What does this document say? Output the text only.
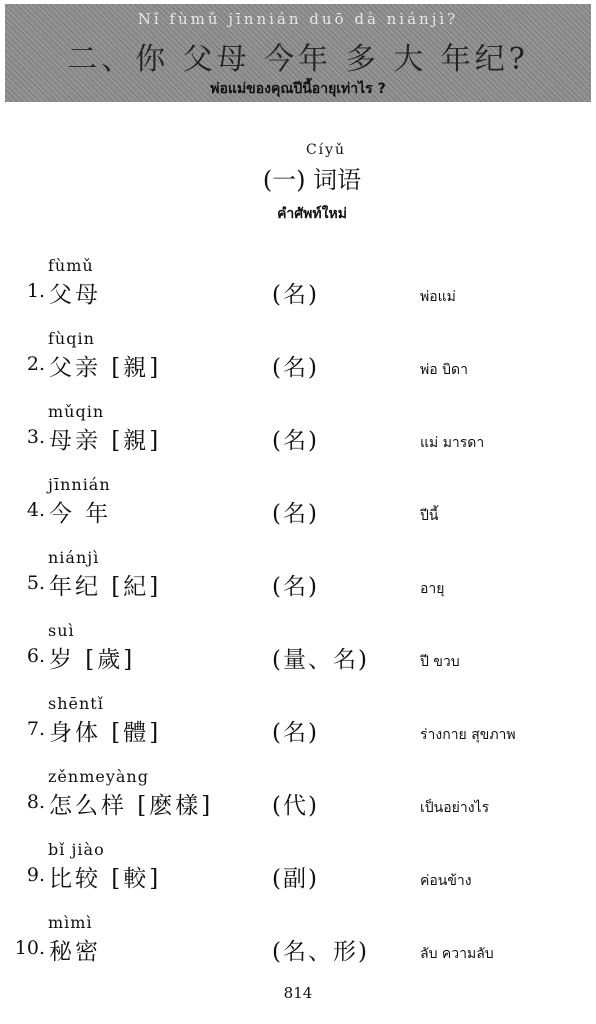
Nǐ fùmǔ jīnnián duō dà niánjì?
二、你 父母 今年 多 大 年纪?
พ่อแม่ของคุณปีนี้อายุเท่าไร ?
Cíyǔ
(一) 词语
คำศัพท์ใหม่
fùmǔ
1. 父母	(名)	พ่อแม่
fùqin
2. 父亲 [親]	(名)	พ่อ บิดา
mǔqin
3. 母亲 [親]	(名)	แม่ มารดา
jīnnián
4. 今 年	(名)	ปีนี้
niánjì
5. 年纪 [紀]	(名)	อายุ
suì
6. 岁 [歲]	(量、名)	ปี ขวบ
shēntǐ
7. 身体 [體]	(名)	ร่างกาย สุขภาพ
zěnmeyàng
8. 怎么样 [麽樣]	(代)	เป็นอย่างไร
bǐ jiào
9. 比较 [較]	(副)	ค่อนข้าง
mìmì
10. 秘密	(名、形)	ลับ ความลับ
814
